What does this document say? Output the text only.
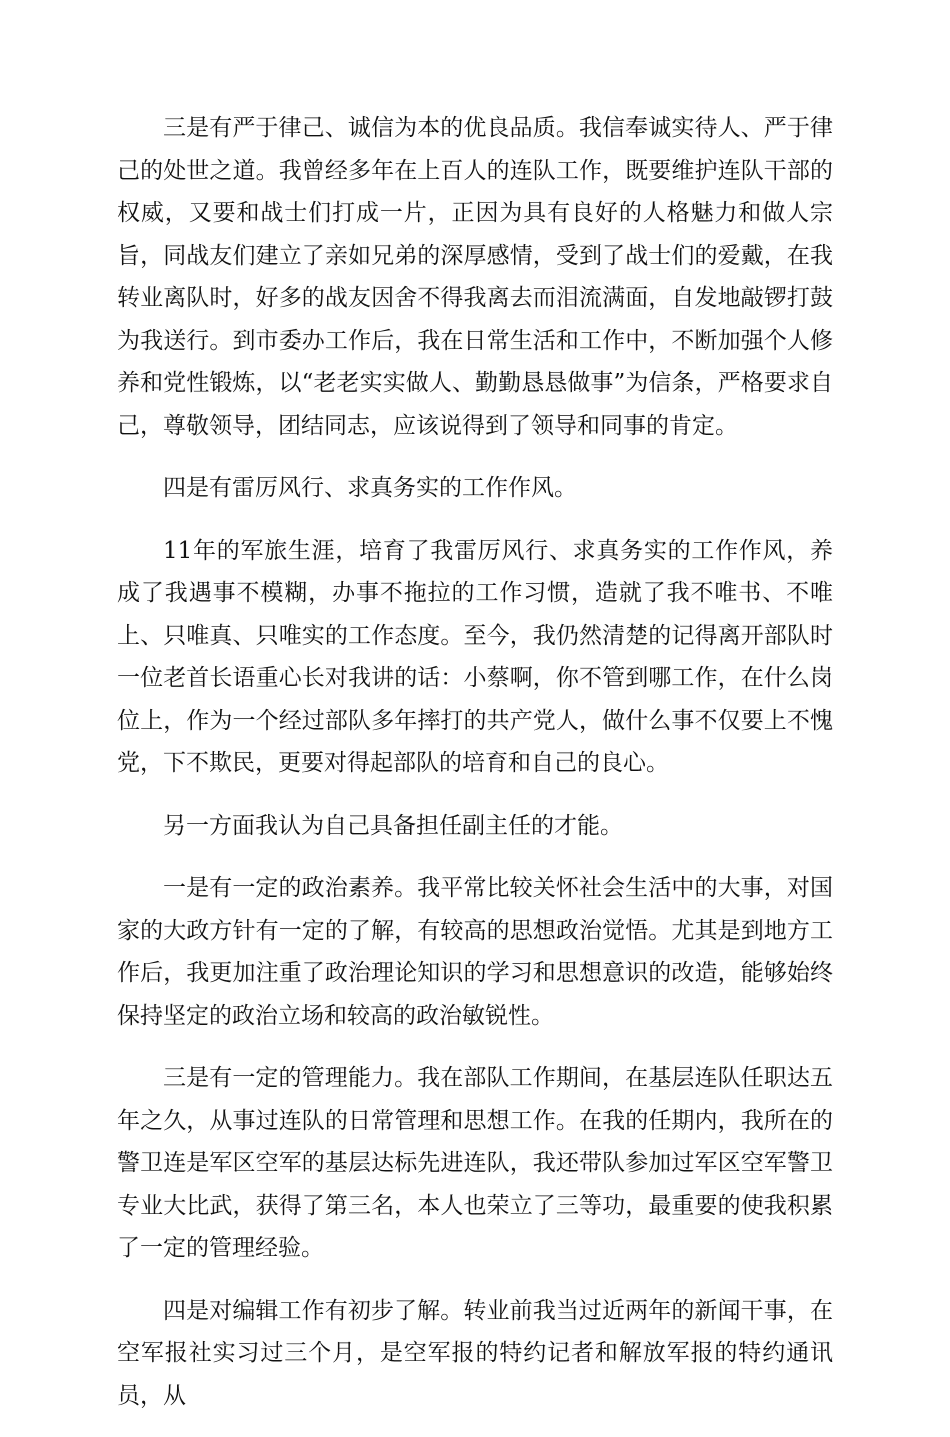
三是有严于律己、诚信为本的优良品质。我信奉诚实待人、严于律己的处世之道。我曾经多年在上百人的连队工作，既要维护连队干部的权威，又要和战士们打成一片，正因为具有良好的人格魅力和做人宗旨，同战友们建立了亲如兄弟的深厚感情，受到了战士们的爱戴，在我转业离队时，好多的战友因舍不得我离去而泪流满面，自发地敲锣打鼓为我送行。到市委办工作后，我在日常生活和工作中，不断加强个人修养和党性锻炼，以“老老实实做人、勤勤恳恳做事”为信条，严格要求自己，尊敬领导，团结同志，应该说得到了领导和同事的肯定。

四是有雷厉风行、求真务实的工作作风。

11年的军旅生涯，培育了我雷厉风行、求真务实的工作作风，养成了我遇事不模糊，办事不拖拉的工作习惯，造就了我不唯书、不唯上、只唯真、只唯实的工作态度。至今，我仍然清楚的记得离开部队时一位老首长语重心长对我讲的话：小蔡啊，你不管到哪工作，在什么岗位上，作为一个经过部队多年摔打的共产党人，做什么事不仅要上不愧党，下不欺民，更要对得起部队的培育和自己的良心。

另一方面我认为自己具备担任副主任的才能。

一是有一定的政治素养。我平常比较关怀社会生活中的大事，对国家的大政方针有一定的了解，有较高的思想政治觉悟。尤其是到地方工作后，我更加注重了政治理论知识的学习和思想意识的改造，能够始终保持坚定的政治立场和较高的政治敏锐性。

三是有一定的管理能力。我在部队工作期间，在基层连队任职达五年之久，从事过连队的日常管理和思想工作。在我的任期内，我所在的警卫连是军区空军的基层达标先进连队，我还带队参加过军区空军警卫专业大比武，获得了第三名，本人也荣立了三等功，最重要的使我积累了一定的管理经验。

四是对编辑工作有初步了解。转业前我当过近两年的新闻干事，在空军报社实习过三个月，是空军报的特约记者和解放军报的特约通讯员，从
